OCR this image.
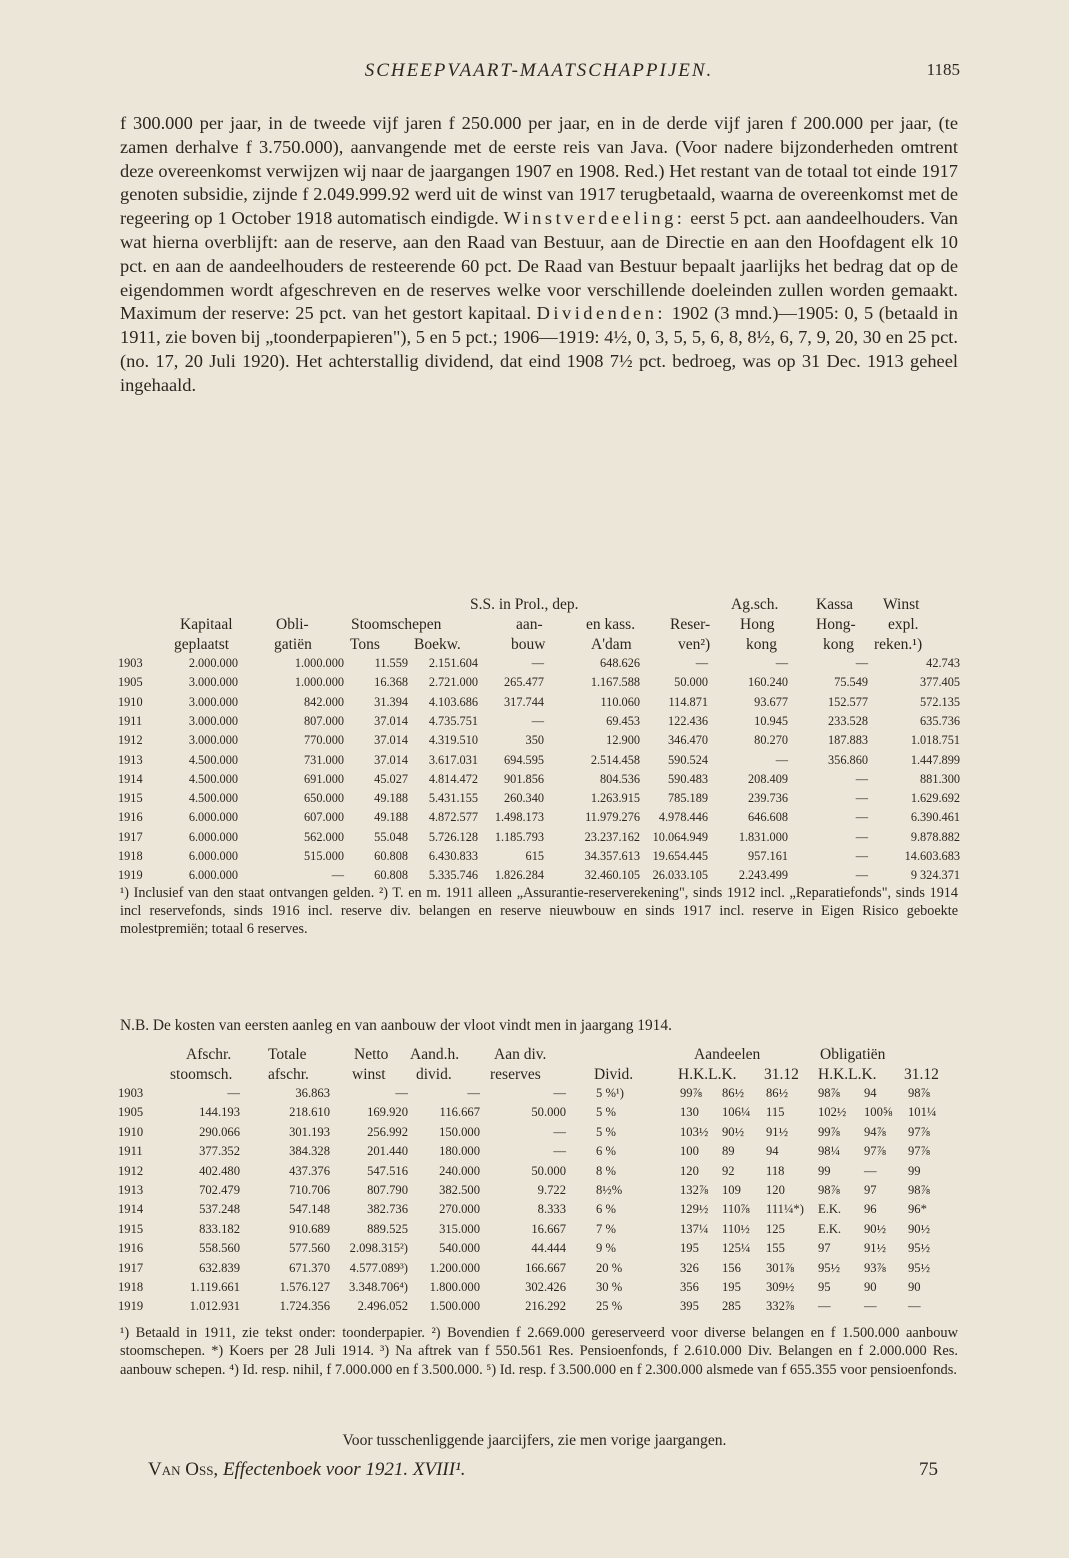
SCHEEPVAART-MAATSCHAPPIJEN.	1185

f 300.000 per jaar, in de tweede vijf jaren f 250.000 per jaar, en in de derde vijf jaren f 200.000 per jaar, (te zamen derhalve f 3.750.000), aanvangende met de eerste reis van Java. (Voor nadere bijzonderheden omtrent deze overeenkomst verwijzen wij naar de jaargangen 1907 en 1908. Red.) Het restant van de totaal tot einde 1917 genoten subsidie, zijnde f 2.049.999.92 werd uit de winst van 1917 terugbetaald, waarna de overeenkomst met de regeering op 1 October 1918 automatisch eindigde. Winstverdeeling: eerst 5 pct. aan aandeelhouders. Van wat hierna overblijft: aan de reserve, aan den Raad van Bestuur, aan de Directie en aan den Hoofdagent elk 10 pct. en aan de aandeelhouders de resteerende 60 pct. De Raad van Bestuur bepaalt jaarlijks het bedrag dat op de eigendommen wordt afgeschreven en de reserves welke voor verschillende doeleinden zullen worden gemaakt. Maximum der reserve: 25 pct. van het gestort kapitaal. Dividenden: 1902 (3 mnd.)—1905: 0, 5 (betaald in 1911, zie boven bij „toonderpapieren"), 5 en 5 pct.; 1906—1919: 4½, 0, 3, 5, 5, 6, 8, 8½, 6, 7, 9, 20, 30 en 25 pct. (no. 17, 20 Juli 1920). Het achterstallig dividend, dat eind 1908 7½ pct. bedroeg, was op 31 Dec. 1913 geheel ingehaald.

S.S. in Prol., dep.	Ag.sch. Kassa Winst
Kapitaal	Obli-	Stoomschepen	aan-	en kass. Reser- Hong	Hong- expl.
geplaatst	gatiën Tons Boekw.	bouw	A'dam	ven²) kong	kong reken.¹)
1903	2.000.000	1.000.000 11.559 2.151.604	—	648.626	—	—	—	42.743
1905	3.000.000	1.000.000 16.368 2.721.000 265.477	1.167.588	50.000	160.240	75.549	377.405
1910	3.000.000	842.000 31.394 4.103.686 317.744	110.060 114.871	93.677	152.577	572.135
1911	3.000.000	807.000 37.014 4.735.751	—	69.453 122.436	10.945	233.528	635.736
1912	3.000.000	770.000 37.014 4.319.510	350	12.900 346.470	80.270	187.883	1.018.751
1913	4.500.000	731.000 37.014 3.617.031 694.595	2.514.458 590.524	—	356.860	1.447.899
1914	4.500.000	691.000 45.027 4.814.472 901.856	804.536 590.483	208.409	—	881.300
1915	4.500.000	650.000 49.188 5.431.155 260.340	1.263.915 785.189	239.736	—	1.629.692
1916	6.000.000	607.000 49.188 4.872.577 1.498.173	11.979.276 4.978.446	646.608	—	6.390.461
1917	6.000.000	562.000 55.048 5.726.128 1.185.793	23.237.162 10.064.949	1.831.000	—	9.878.882
1918	6.000.000	515.000 60.808 6.430.833	615	34.357.613 19.654.445	957.161	—	14.603.683
1919	6.000.000	— 60.808 5.335.746 1.826.284	32.460.105 26.033.105	2.243.499	—	9 324.371
¹) Inclusief van den staat ontvangen gelden. ²) T. en m. 1911 alleen „Assurantie-reserverekening", sinds 1912 incl. „Reparatiefonds", sinds 1914 incl reservefonds, sinds 1916 incl. reserve div. belangen en reserve nieuwbouw en sinds 1917 incl. reserve in Eigen Risico geboekte molestpremiën; totaal 6 reserves.
N.B. De kosten van eersten aanleg en van aanbouw der vloot vindt men in jaargang 1914.
Afschr. Totale	Netto Aand.h. Aan div.	Aandeelen	Obligatiën
stoomsch. afschr.	winst divid. reserves	Divid.	H.K.L.K. 31.12 H.K.L.K. 31.12
1903	—	36.863	—	—	— 5 %¹)	99⅞ 86½ 86½ 98⅞ 94 98⅞
1905	144.193	218.610	169.920	116.667	50.000 5 %	130 106¼ 115	102½ 100⅝ 101¼
1910	290.066	301.193	256.992 150.000	— 5 %	103½ 90½ 91½ 99⅞ 94⅞ 97⅞
1911	377.352	384.328	201.440 180.000	— 6 %	100 89 94	98¼ 97⅞ 97⅞
1912	402.480	437.376	547.516 240.000	50.000 8 %	120 92 118	99	— 99
1913	702.479	710.706	807.790 382.500	9.722 8½%	132⅞ 109 120	98⅞ 97 98⅞
1914	537.248	547.148	382.736 270.000	8.333 6 %	129½ 110⅞ 111¼*) E.K. 96 96*
1915	833.182	910.689	889.525 315.000	16.667 7 %	137¼ 110½ 125	E.K. 90½ 90½
1916	558.560	577.560 2.098.315²) 540.000	44.444 9 %	195 125¼ 155	97	91½ 95½
1917	632.839	671.370 4.577.089³) 1.200.000	166.667 20 %	326 156 301⅞ 95½ 93⅞ 95½
1918	1.119.661	1.576.127 3.348.706⁴) 1.800.000	302.426 30 %	356 195 309½ 95	90 90
1919	1.012.931	1.724.356 2.496.052 1.500.000	216.292 25 %	395 285 332⅞ —	— —
¹) Betaald in 1911, zie tekst onder: toonderpapier. ²) Bovendien f 2.669.000 gereserveerd voor diverse belangen en f 1.500.000 aanbouw stoomschepen. *) Koers per 28 Juli 1914. ³) Na aftrek van f 550.561 Res. Pensioenfonds, f 2.610.000 Div. Belangen en f 2.000.000 Res. aanbouw schepen. ⁴) Id. resp. nihil, f 7.000.000 en f 3.500.000. ⁵) Id. resp. f 3.500.000 en f 2.300.000 alsmede van f 655.355 voor pensioenfonds.
Voor tusschenliggende jaarcijfers, zie men vorige jaargangen.
Van Oss, Effectenboek voor 1921. XVIII¹.	75
